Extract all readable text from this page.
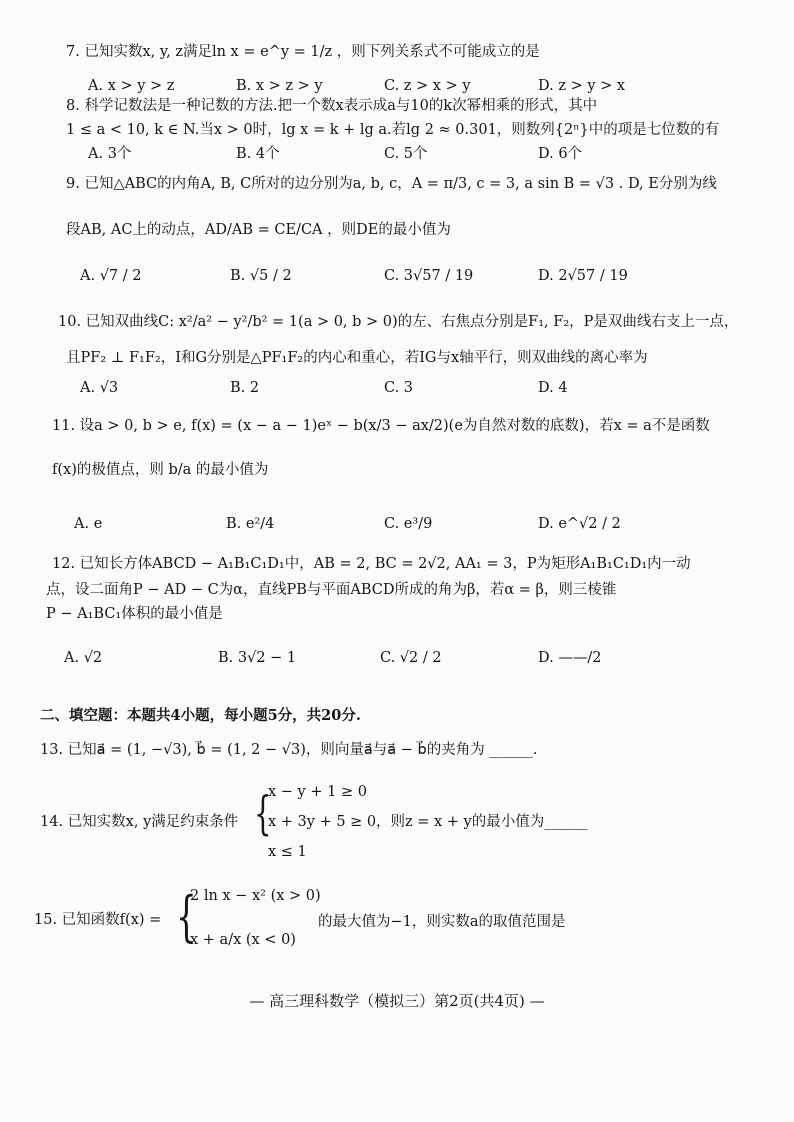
7. 已知实数x, y, z满足ln x = e^y = 1/z ，则下列关系式不可能成立的是
A. x > y > z	B. x > z > y	C. z > x > y	D. z > y > x
8. 科学记数法是一种记数的方法.把一个数x表示成a与10的k次幂相乘的形式，其中
1 ≤ a < 10, k ∈ N.当x > 0时，lg x = k + lg a.若lg 2 ≈ 0.301，则数列{2ⁿ}中的项是七位数的有
A. 3个	B. 4个	C. 5个	D. 6个
9. 已知△ABC的内角A, B, C所对的边分别为a, b, c，A = π/3, c = 3, a sin B = √3 . D, E分别为线
段AB, AC上的动点，AD/AB = CE/CA ，则DE的最小值为
A. √7 / 2	B. √5 / 2	C. 3√57 / 19	D. 2√57 / 19
10. 已知双曲线C: x²/a² − y²/b² = 1(a > 0, b > 0)的左、右焦点分别是F₁, F₂，P是双曲线右支上一点，
且PF₂ ⊥ F₁F₂，I和G分别是△PF₁F₂的内心和重心，若IG与x轴平行，则双曲线的离心率为
A. √3	B. 2	C. 3	D. 4
11. 设a > 0, b > e, f(x) = (x − a − 1)eˣ − b(x/3 − ax/2)(e为自然对数的底数)，若x = a不是函数
f(x)的极值点，则 b/a 的最小值为
A. e	B. e²/4	C. e³/9	D. e^√2 / 2
12. 已知长方体ABCD − A₁B₁C₁D₁中，AB = 2, BC = 2√2, AA₁ = 3，P为矩形A₁B₁C₁D₁内一动
点，设二面角P − AD − C为α，直线PB与平面ABCD所成的角为β，若α = β，则三棱锥
P − A₁BC₁体积的最小值是
A. √2	B. 3√2 − 1	C. √2 / 2	D. ——/2
二、填空题：本题共4小题，每小题5分，共20分.
13. 已知a⃗ = (1, −√3), b⃗ = (1, 2 − √3)，则向量a⃗与a⃗ − b⃗的夹角为 ______.
x − y + 1 ≥ 0
14. 已知实数x, y满足约束条件 {
x + 3y + 5 ≥ 0 ，则z = x + y的最小值为______
x ≤ 1
15. 已知函数f(x) = {
2 ln x − x² (x > 0)
x + a/x (x < 0)
的最大值为−1，则实数a的取值范围是
— 高三理科数学（模拟三）第2页(共4页) —
